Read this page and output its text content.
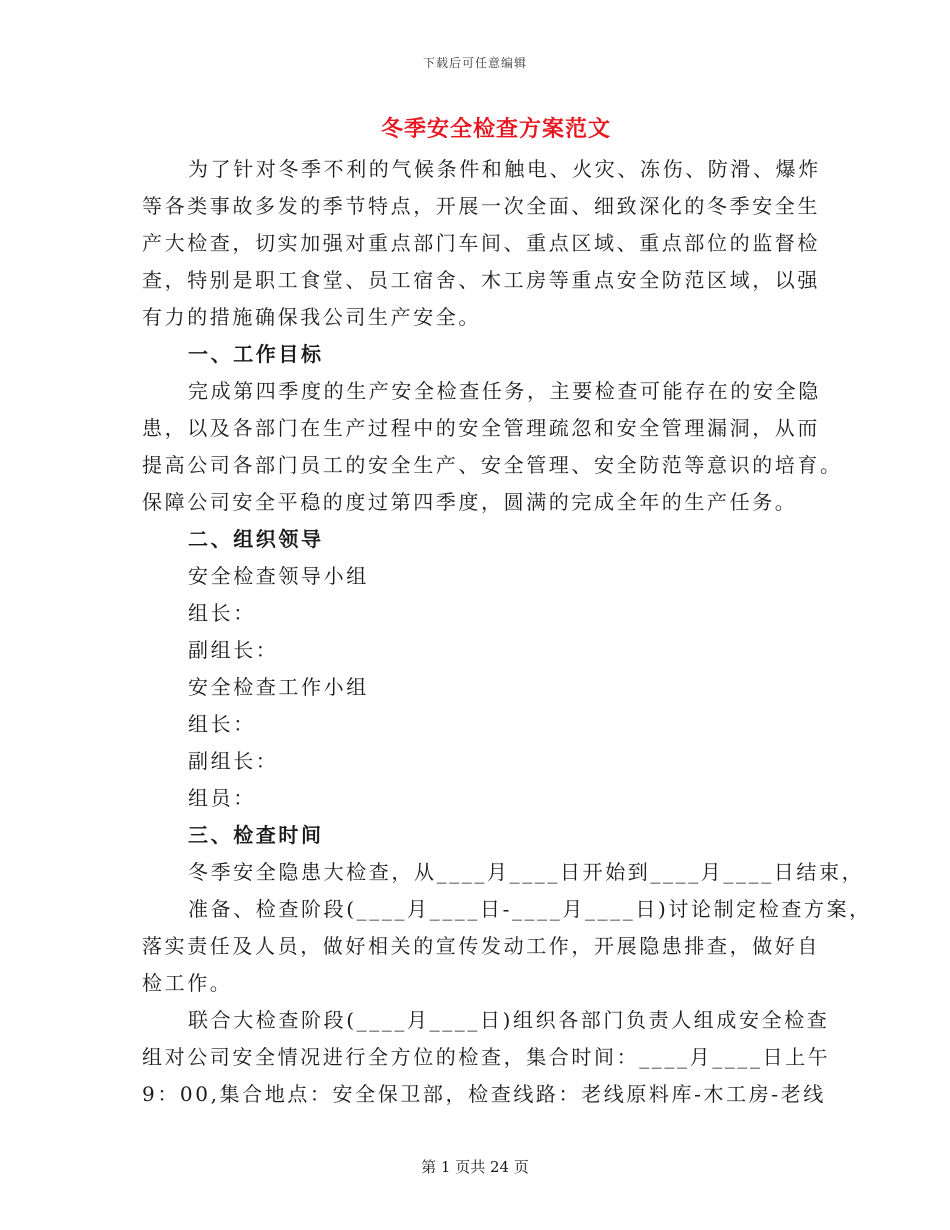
下载后可任意编辑
冬季安全检查方案范文
为了针对冬季不利的气候条件和触电、火灾、冻伤、防滑、爆炸
等各类事故多发的季节特点，开展一次全面、细致深化的冬季安全生
产大检查，切实加强对重点部门车间、重点区域、重点部位的监督检
查，特别是职工食堂、员工宿舍、木工房等重点安全防范区域，以强
有力的措施确保我公司生产安全。
一、工作目标
完成第四季度的生产安全检查任务，主要检查可能存在的安全隐
患，以及各部门在生产过程中的安全管理疏忽和安全管理漏洞，从而
提高公司各部门员工的安全生产、安全管理、安全防范等意识的培育。
保障公司安全平稳的度过第四季度，圆满的完成全年的生产任务。
二、组织领导
安全检查领导小组
组长：
副组长：
安全检查工作小组
组长：
副组长：
组员：
三、检查时间
冬季安全隐患大检查，从____月____日开始到____月____日结束，
准备、检查阶段(____月____日-____月____日)讨论制定检查方案，
落实责任及人员，做好相关的宣传发动工作，开展隐患排查，做好自
检工作。
联合大检查阶段(____月____日)组织各部门负责人组成安全检查
组对公司安全情况进行全方位的检查，集合时间：____月____日上午
9：00,集合地点：安全保卫部，检查线路：老线原料库-木工房-老线
第 1 页共 24 页
